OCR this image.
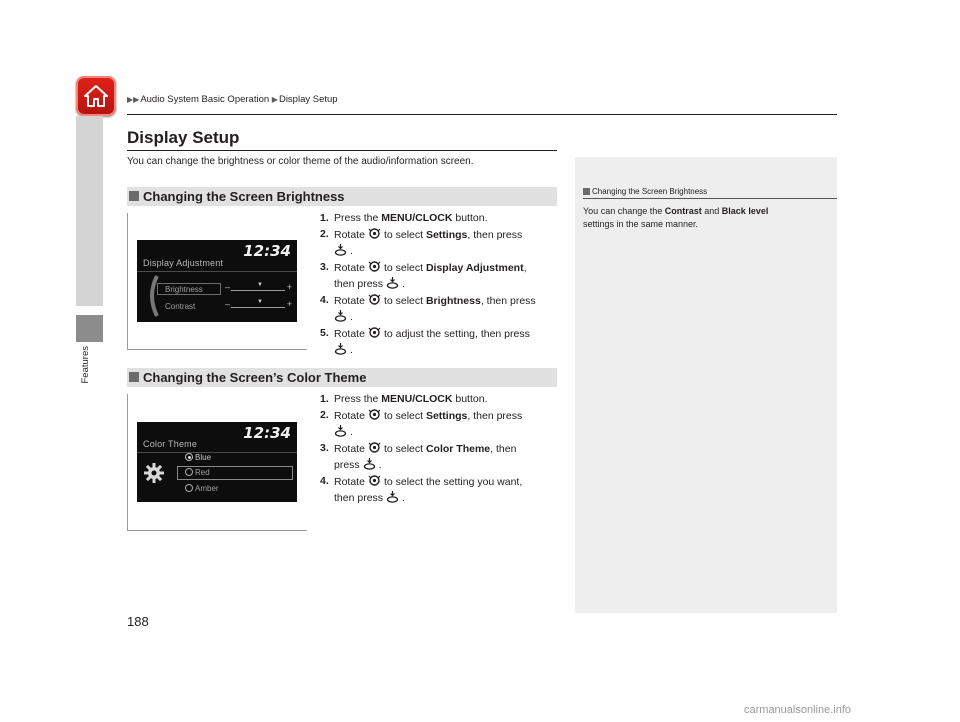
▶▶Audio System Basic Operation ▶Display Setup
Features
Display Setup
You can change the brightness or color theme of the audio/information screen.
Changing the Screen Brightness
12:34
Display Adjustment
Brightness
Contrast
–	▼	+
–	▼	+
1. Press the MENU/CLOCK button.
2. Rotate to select Settings, then press
.
3. Rotate to select Display Adjustment,
then press .
4. Rotate to select Brightness, then press
.
5. Rotate to adjust the setting, then press
.
Changing the Screen’s Color Theme
12:34
Color Theme
Blue
Red
Amber
1. Press the MENU/CLOCK button.
2. Rotate to select Settings, then press
.
3. Rotate to select Color Theme, then
press .
4. Rotate to select the setting you want,
then press .
Changing the Screen Brightness
You can change the Contrast and Black level
settings in the same manner.
188
carmanualsonline.info
